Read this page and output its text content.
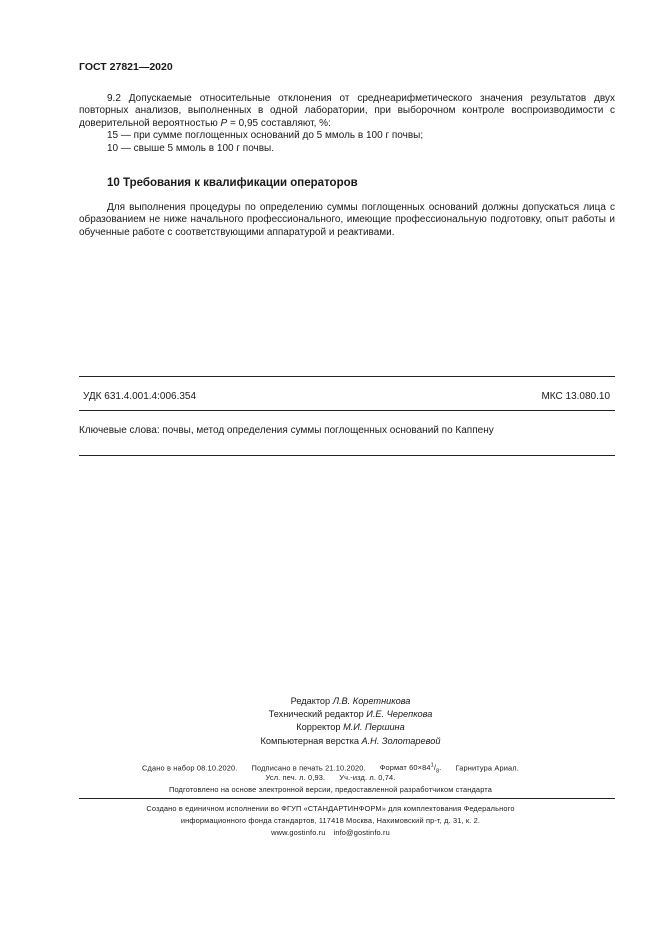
ГОСТ 27821—2020

9.2 Допускаемые относительные отклонения от среднеарифметического значения результатов двух повторных анализов, выполненных в одной лаборатории, при выборочном контроле воспроизводимости с доверительной вероятностью P = 0,95 составляют, %:

15 — при сумме поглощенных оснований до 5 ммоль в 100 г почвы;

10 — свыше 5 ммоль в 100 г почвы.

10 Требования к квалификации операторов

Для выполнения процедуры по определению суммы поглощенных оснований должны допускаться лица с образованием не ниже начального профессионального, имеющие профессиональную подготовку, опыт работы и обученные работе с соответствующими аппаратурой и реактивами.

УДК 631.4.001.4:006.354	МКС 13.080.10
Ключевые слова: почвы, метод определения суммы поглощенных оснований по Каппену
Редактор Л.В. Коретникова
Технический редактор И.Е. Черепкова
Корректор М.И. Першина
Компьютерная верстка А.Н. Золотаревой
Сдано в набор 08.10.2020. Подписано в печать 21.10.2020. Формат $60\times 84^1/_8$. Гарнитура Ариал.
Усл. печ. л. 0,93. Уч.-изд. л. 0,74.
Подготовлено на основе электронной версии, предоставленной разработчиком стандарта
Создано в единичном исполнении во ФГУП «СТАНДАРТИНФОРМ» для комплектования Федерального
информационного фонда стандартов, 117418 Москва, Нахимовский пр-т, д. 31, к. 2.
www.gostinfo.ru info@gostinfo.ru
